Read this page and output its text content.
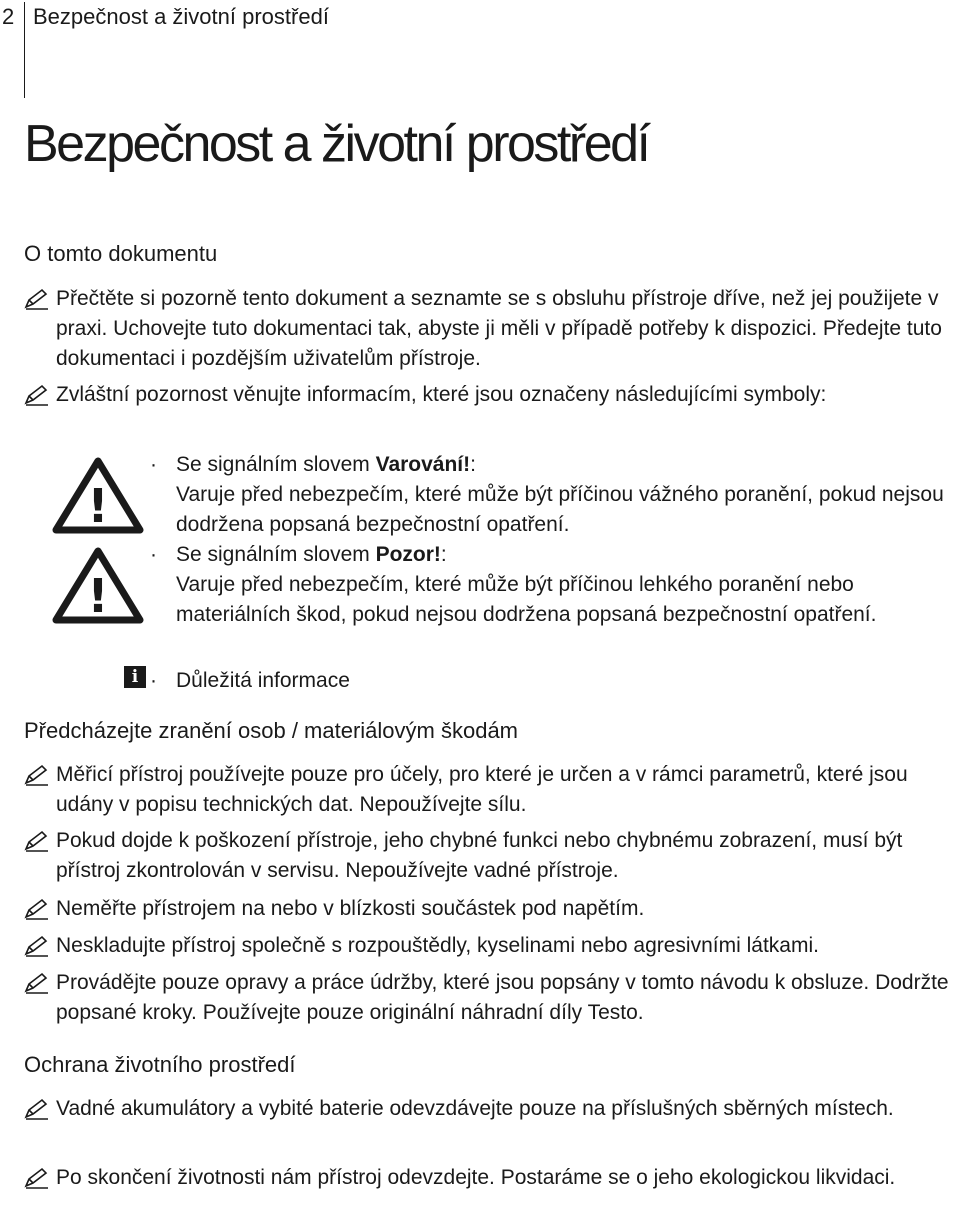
2 Bezpečnost a životní prostředí
Bezpečnost a životní prostředí
O tomto dokumentu
Přečtěte si pozorně tento dokument a seznamte se s obsluhu přístroje dříve, než jej použijete v praxi. Uchovejte tuto dokumentaci tak, abyste ji měli v případě potřeby k dispozici. Předejte tuto dokumentaci i pozdějším uživatelům přístroje.
Zvláštní pozornost věnujte informacím, které jsou označeny následujícími symboly:
!
!
i
· Se signálním slovem Varování!:
Varuje před nebezpečím, které může být příčinou vážného poranění, pokud nejsou dodržena popsaná bezpečnostní opatření.
· Se signálním slovem Pozor!:
Varuje před nebezpečím, které může být příčinou lehkého poranění nebo materiálních škod, pokud nejsou dodržena popsaná bezpečnostní opatření.
· Důležitá informace
Předcházejte zranění osob / materiálovým škodám
Měřicí přístroj používejte pouze pro účely, pro které je určen a v rámci parametrů, které jsou udány v popisu technických dat. Nepoužívejte sílu.
Pokud dojde k poškození přístroje, jeho chybné funkci nebo chybnému zobrazení, musí být přístroj zkontrolován v servisu. Nepoužívejte vadné přístroje.
Neměřte přístrojem na nebo v blízkosti součástek pod napětím.
Neskladujte přístroj společně s rozpouštědly, kyselinami nebo agresivními látkami.
Provádějte pouze opravy a práce údržby, které jsou popsány v tomto návodu k obsluze. Dodržte popsané kroky. Používejte pouze originální náhradní díly Testo.
Ochrana životního prostředí
Vadné akumulátory a vybité baterie odevzdávejte pouze na příslušných sběrných místech.
Po skončení životnosti nám přístroj odevzdejte. Postaráme se o jeho ekologickou likvidaci.
